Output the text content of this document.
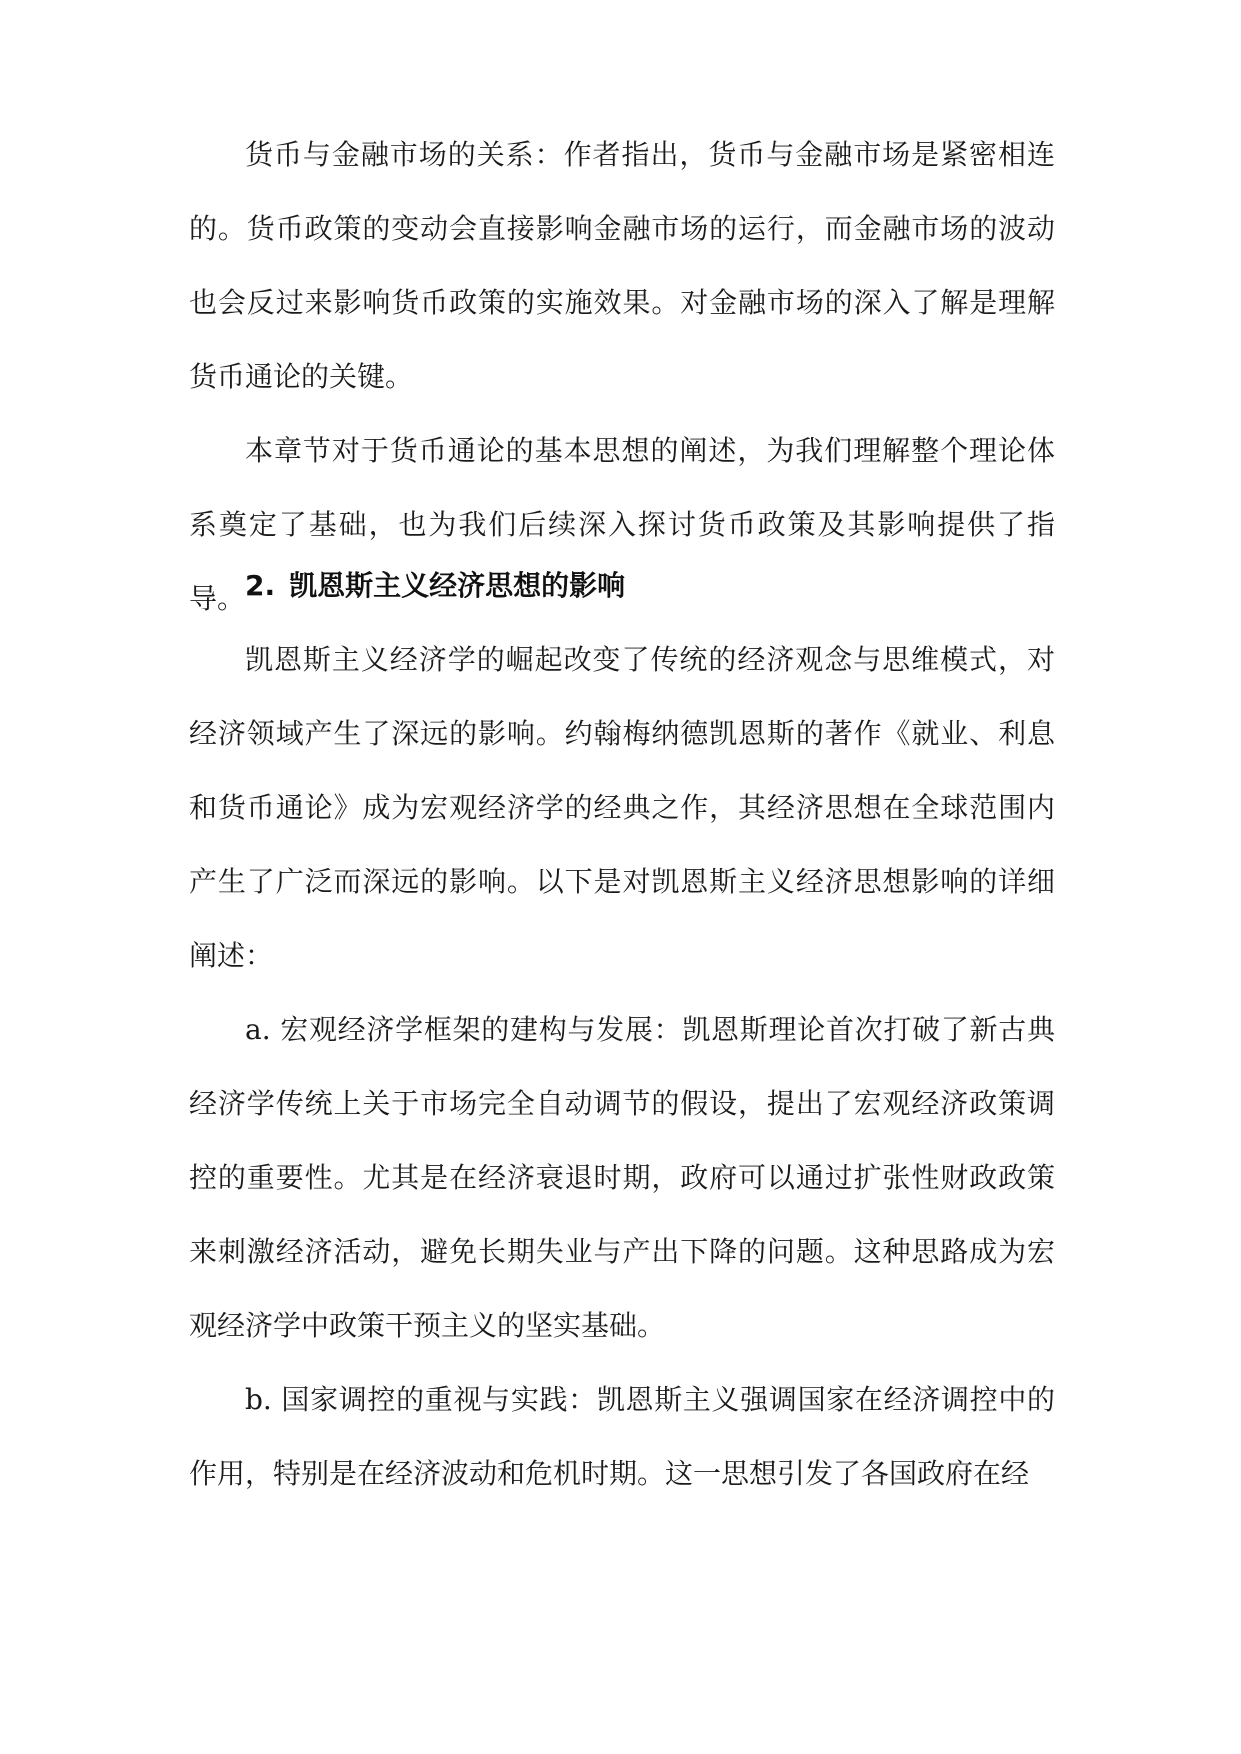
货币与金融市场的关系：作者指出，货币与金融市场是紧密相连的。货币政策的变动会直接影响金融市场的运行，而金融市场的波动也会反过来影响货币政策的实施效果。对金融市场的深入了解是理解货币通论的关键。

本章节对于货币通论的基本思想的阐述，为我们理解整个理论体系奠定了基础，也为我们后续深入探讨货币政策及其影响提供了指导。 2. 凯恩斯主义经济思想的影响

凯恩斯主义经济学的崛起改变了传统的经济观念与思维模式，对经济领域产生了深远的影响。约翰梅纳德凯恩斯的著作《就业、利息和货币通论》成为宏观经济学的经典之作，其经济思想在全球范围内产生了广泛而深远的影响。以下是对凯恩斯主义经济思想影响的详细阐述：

a. 宏观经济学框架的建构与发展：凯恩斯理论首次打破了新古典经济学传统上关于市场完全自动调节的假设，提出了宏观经济政策调控的重要性。尤其是在经济衰退时期，政府可以通过扩张性财政政策来刺激经济活动，避免长期失业与产出下降的问题。这种思路成为宏观经济学中政策干预主义的坚实基础。

b. 国家调控的重视与实践：凯恩斯主义强调国家在经济调控中的作用，特别是在经济波动和危机时期。这一思想引发了各国政府在经
